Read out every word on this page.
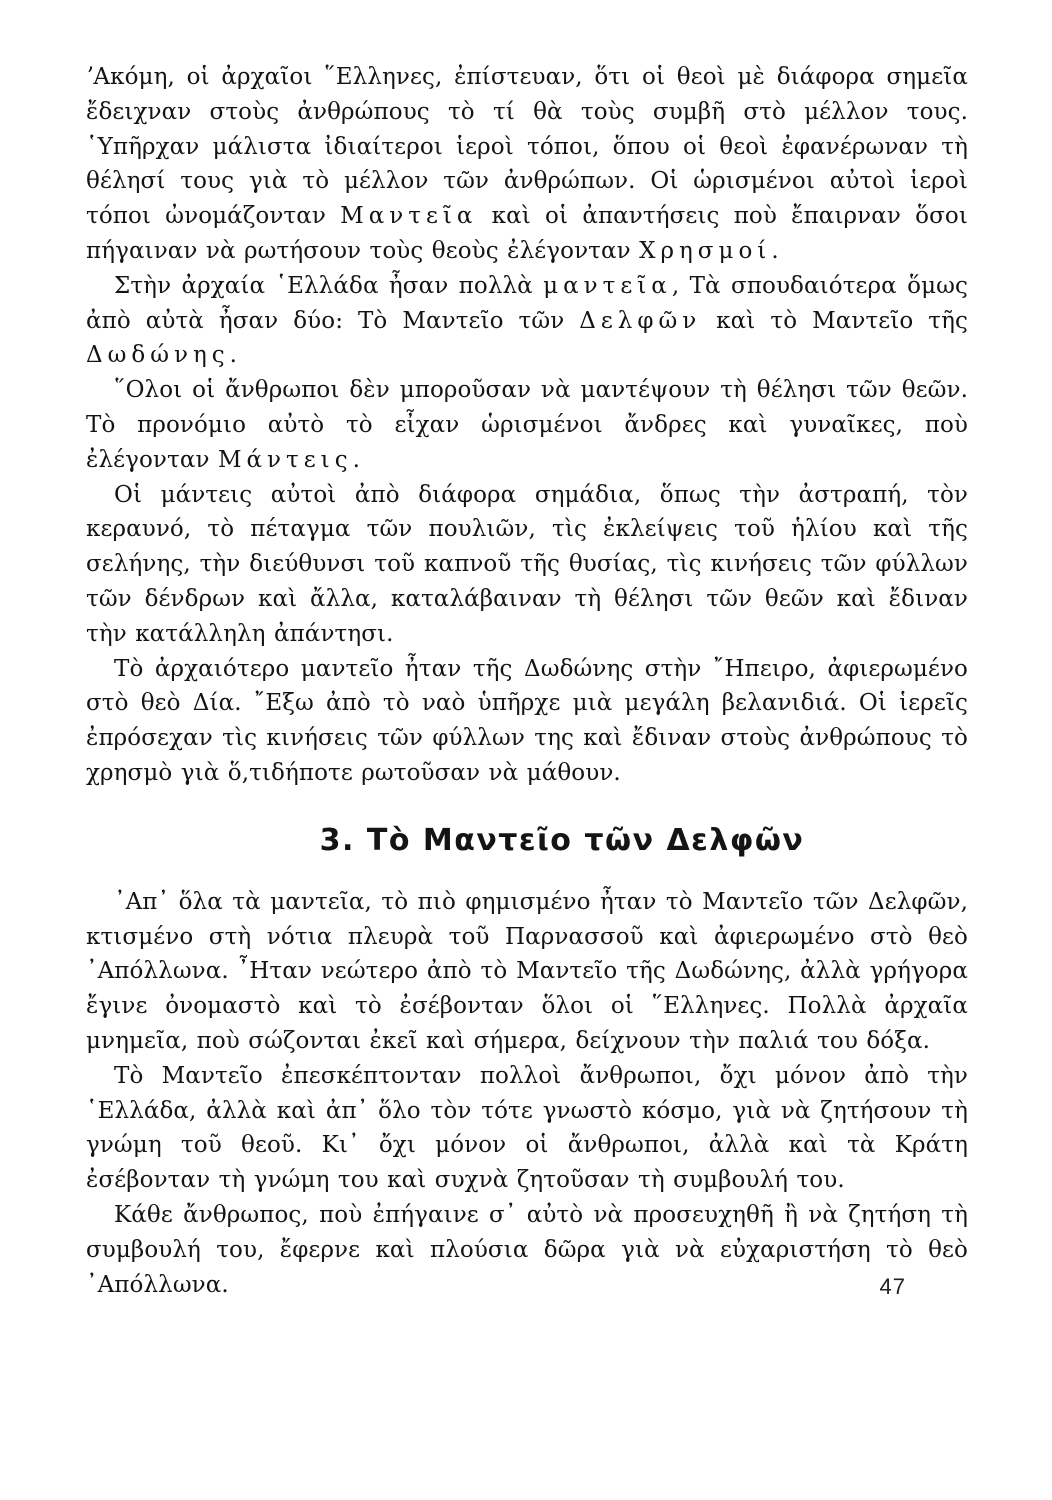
ʼΑκόμη, οἱ ἀρχαῖοι ῞Ελληνες, ἐπίστευαν, ὅτι οἱ θεοὶ μὲ διάφορα σημεῖα ἔδειχναν στοὺς ἀνθρώπους τὸ τί θὰ τοὺς συμβῆ στὸ μέλλον τους. ῾Υπῆρχαν μάλιστα ἰδιαίτεροι ἱεροὶ τόποι, ὅπου οἱ θεοὶ ἐφανέρωναν τὴ θέλησί τους γιὰ τὸ μέλλον τῶν ἀνθρώπων. Οἱ ὡρισμένοι αὐτοὶ ἱεροὶ τόποι ὠνομάζονταν Μαντεῖα καὶ οἱ ἀπαντήσεις ποὺ ἔπαιρναν ὅσοι πήγαιναν νὰ ρωτήσουν τοὺς θεοὺς ἐλέγονταν Χρησμοί.

Στὴν ἀρχαία ῾Ελλάδα ἦσαν πολλὰ μαντεῖα, Τὰ σπουδαιότερα ὅμως ἀπὸ αὐτὰ ἦσαν δύο: Τὸ Μαντεῖο τῶν Δελφῶν καὶ τὸ Μαντεῖο τῆς Δωδώνης.

῞Ολοι οἱ ἄνθρωποι δὲν μποροῦσαν νὰ μαντέψουν τὴ θέλησι τῶν θεῶν. Τὸ προνόμιο αὐτὸ τὸ εἶχαν ὡρισμένοι ἄνδρες καὶ γυναῖκες, ποὺ ἐλέγονταν Μάντεις.

Οἱ μάντεις αὐτοὶ ἀπὸ διάφορα σημάδια, ὅπως τὴν ἀστραπή, τὸν κεραυνό, τὸ πέταγμα τῶν πουλιῶν, τὶς ἐκλείψεις τοῦ ἡλίου καὶ τῆς σελήνης, τὴν διεύθυνσι τοῦ καπνοῦ τῆς θυσίας, τὶς κινήσεις τῶν φύλλων τῶν δένδρων καὶ ἄλλα, καταλάβαιναν τὴ θέλησι τῶν θεῶν καὶ ἔδιναν τὴν κατάλληλη ἀπάντησι.

Τὸ ἀρχαιότερο μαντεῖο ἦταν τῆς Δωδώνης στὴν ῎Ηπειρο, ἀφιερωμένο στὸ θεὸ Δία. ῎Εξω ἀπὸ τὸ ναὸ ὑπῆρχε μιὰ μεγάλη βελανιδιά. Οἱ ἱερεῖς ἐπρόσεχαν τὶς κινήσεις τῶν φύλλων της καὶ ἔδιναν στοὺς ἀνθρώπους τὸ χρησμὸ γιὰ ὅ,τιδήποτε ρωτοῦσαν νὰ μάθουν.

3. Τὸ Μαντεῖο τῶν Δελφῶν

᾿Απ᾿ ὅλα τὰ μαντεῖα, τὸ πιὸ φημισμένο ἦταν τὸ Μαντεῖο τῶν Δελφῶν, κτισμένο στὴ νότια πλευρὰ τοῦ Παρνασσοῦ καὶ ἀφιερωμένο στὸ θεὸ ᾿Απόλλωνα. ῏Ηταν νεώτερο ἀπὸ τὸ Μαντεῖο τῆς Δωδώνης, ἀλλὰ γρήγορα ἔγινε ὀνομαστὸ καὶ τὸ ἐσέβονταν ὅλοι οἱ ῞Ελληνες. Πολλὰ ἀρχαῖα μνημεῖα, ποὺ σώζονται ἐκεῖ καὶ σήμερα, δείχνουν τὴν παλιά του δόξα.

Τὸ Μαντεῖο ἐπεσκέπτονταν πολλοὶ ἄνθρωποι, ὄχι μόνον ἀπὸ τὴν ῾Ελλάδα, ἀλλὰ καὶ ἀπ᾿ ὅλο τὸν τότε γνωστὸ κόσμο, γιὰ νὰ ζητήσουν τὴ γνώμη τοῦ θεοῦ. Κι᾿ ὄχι μόνον οἱ ἄνθρωποι, ἀλλὰ καὶ τὰ Κράτη ἐσέβονταν τὴ γνώμη του καὶ συχνὰ ζητοῦσαν τὴ συμβουλή του.

Κάθε ἄνθρωπος, ποὺ ἐπήγαινε σ᾿ αὐτὸ νὰ προσευχηθῆ ἢ νὰ ζητήση τὴ συμβουλή του, ἔφερνε καὶ πλούσια δῶρα γιὰ νὰ εὐχαριστήση τὸ θεὸ ᾿Απόλλωνα.	47
